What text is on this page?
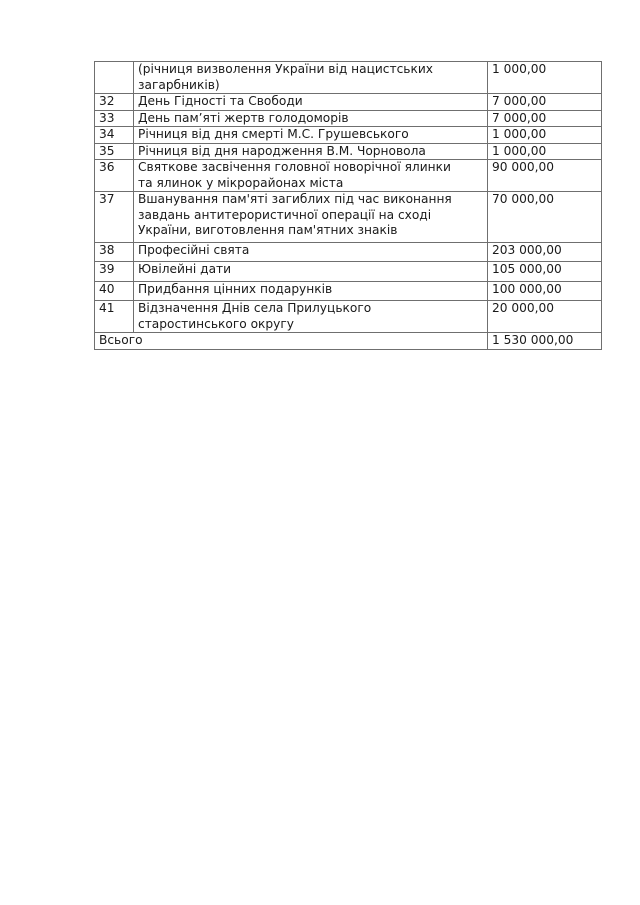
	(річниця визволення України від нацистських
загарбників)	1 000,00
32	День Гідності та Свободи	7 000,00
33	День пам’яті жертв голодоморів	7 000,00
34	Річниця від дня смерті М.С. Грушевського	1 000,00
35	Річниця від дня народження В.М. Чорновола	1 000,00
36	Святкове засвічення головної новорічної ялинки
та ялинок у мікрорайонах міста	90 000,00
37	Вшанування пам'яті загиблих під час виконання
завдань антитерористичної операції на сході
України, виготовлення пам'ятних знаків	70 000,00
38	Професійні свята	203 000,00
39	Ювілейні дати	105 000,00
40	Придбання цінних подарунків	100 000,00
41	Відзначення Днів села Прилуцького
старостинського округу	20 000,00
Всього		1 530 000,00
